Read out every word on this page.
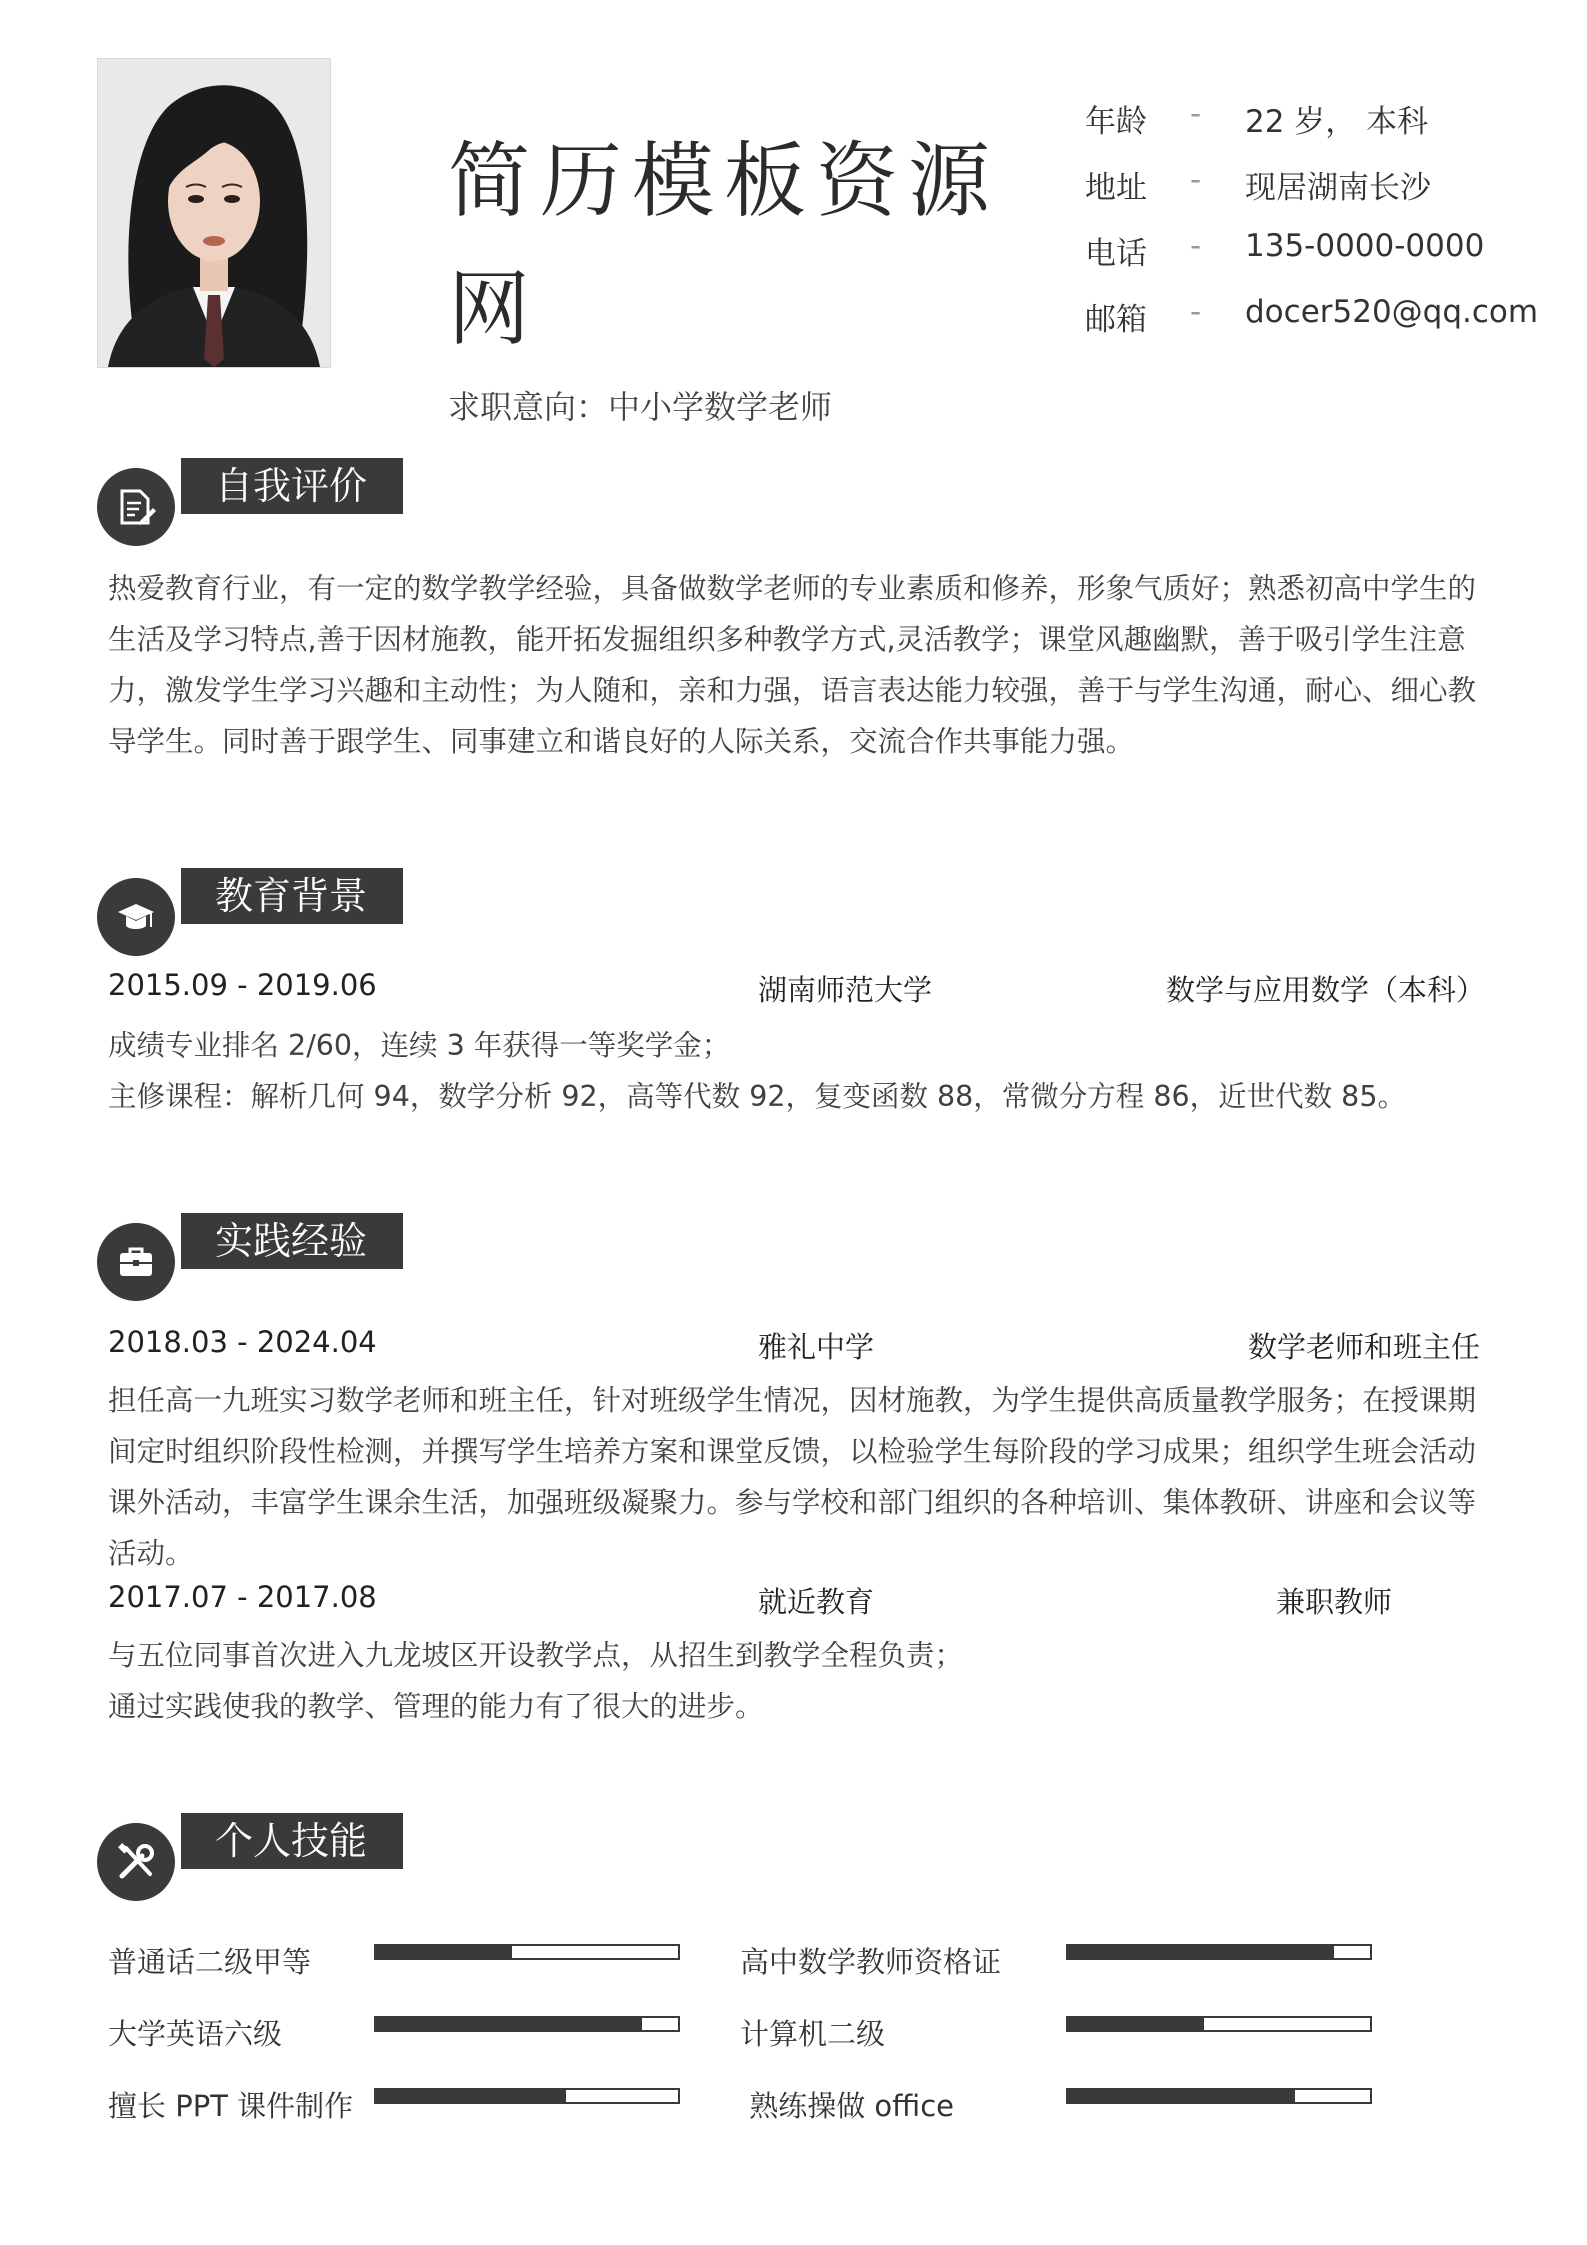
简历模板资源网
求职意向：中小学数学老师
年龄 - 22 岁， 本科
地址 - 现居湖南长沙
电话 - 135-0000-0000
邮箱 - docer520@qq.com
自我评价
热爱教育行业，有一定的数学教学经验，具备做数学老师的专业素质和修养，形象气质好；熟悉初高中学生的生活及学习特点,善于因材施教，能开拓发掘组织多种教学方式,灵活教学；课堂风趣幽默，善于吸引学生注意力，激发学生学习兴趣和主动性；为人随和，亲和力强，语言表达能力较强，善于与学生沟通，耐心、细心教导学生。同时善于跟学生、同事建立和谐良好的人际关系，交流合作共事能力强。
教育背景
2015.09 - 2019.06	湖南师范大学	数学与应用数学（本科）
成绩专业排名 2/60，连续 3 年获得一等奖学金；
主修课程：解析几何 94，数学分析 92，高等代数 92，复变函数 88，常微分方程 86，近世代数 85。
实践经验
2018.03 - 2024.04	雅礼中学	数学老师和班主任
担任高一九班实习数学老师和班主任，针对班级学生情况，因材施教，为学生提供高质量教学服务；在授课期间定时组织阶段性检测，并撰写学生培养方案和课堂反馈，以检验学生每阶段的学习成果；组织学生班会活动课外活动，丰富学生课余生活，加强班级凝聚力。参与学校和部门组织的各种培训、集体教研、讲座和会议等活动。
2017.07 - 2017.08	就近教育	兼职教师
与五位同事首次进入九龙坡区开设教学点，从招生到教学全程负责；
通过实践使我的教学、管理的能力有了很大的进步。
个人技能
普通话二级甲等	高中数学教师资格证
大学英语六级	计算机二级
擅长 PPT 课件制作	熟练操做 office
